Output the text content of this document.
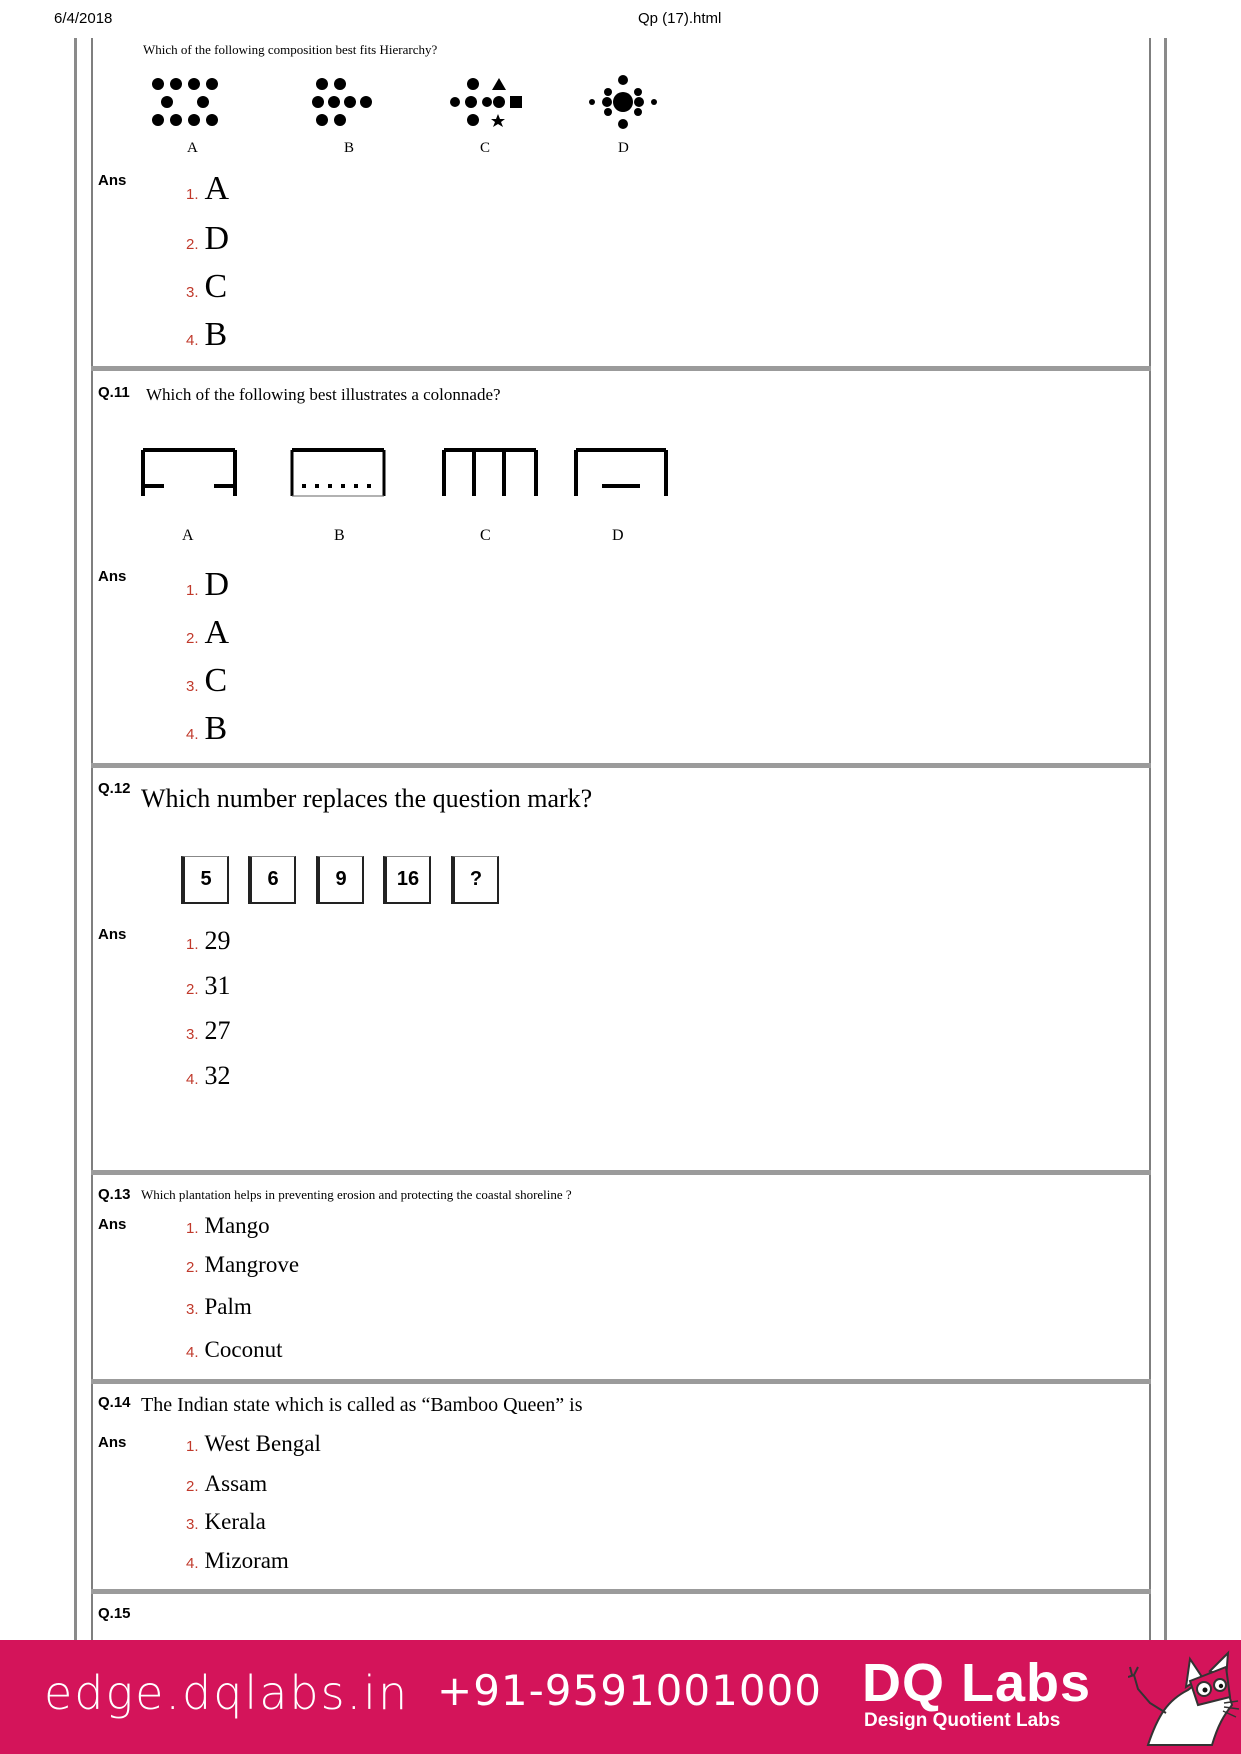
6/4/2018	Qp (17).html
Which of the following composition best fits Hierarchy?
A	B	C	D
Ans
1. A
2. D
3. C
4. B
Q.11 Which of the following best illustrates a colonnade?
A	B	C	D
Ans
1. D
2. A
3. C
4. B
Q.12 Which number replaces the question mark?
5	6	9	16	?
Ans
1. 29
2. 31
3. 27
4. 32
Q.13 Which plantation helps in preventing erosion and protecting the coastal shoreline ?
Ans	1. Mango
2. Mangrove
3. Palm
4. Coconut
Q.14 The Indian state which is called as “Bamboo Queen” is
Ans	1. West Bengal
2. Assam
3. Kerala
4. Mizoram
Q.15
edge.dqlabs.in +91-9591001000 DQ Labs
Design Quotient Labs
